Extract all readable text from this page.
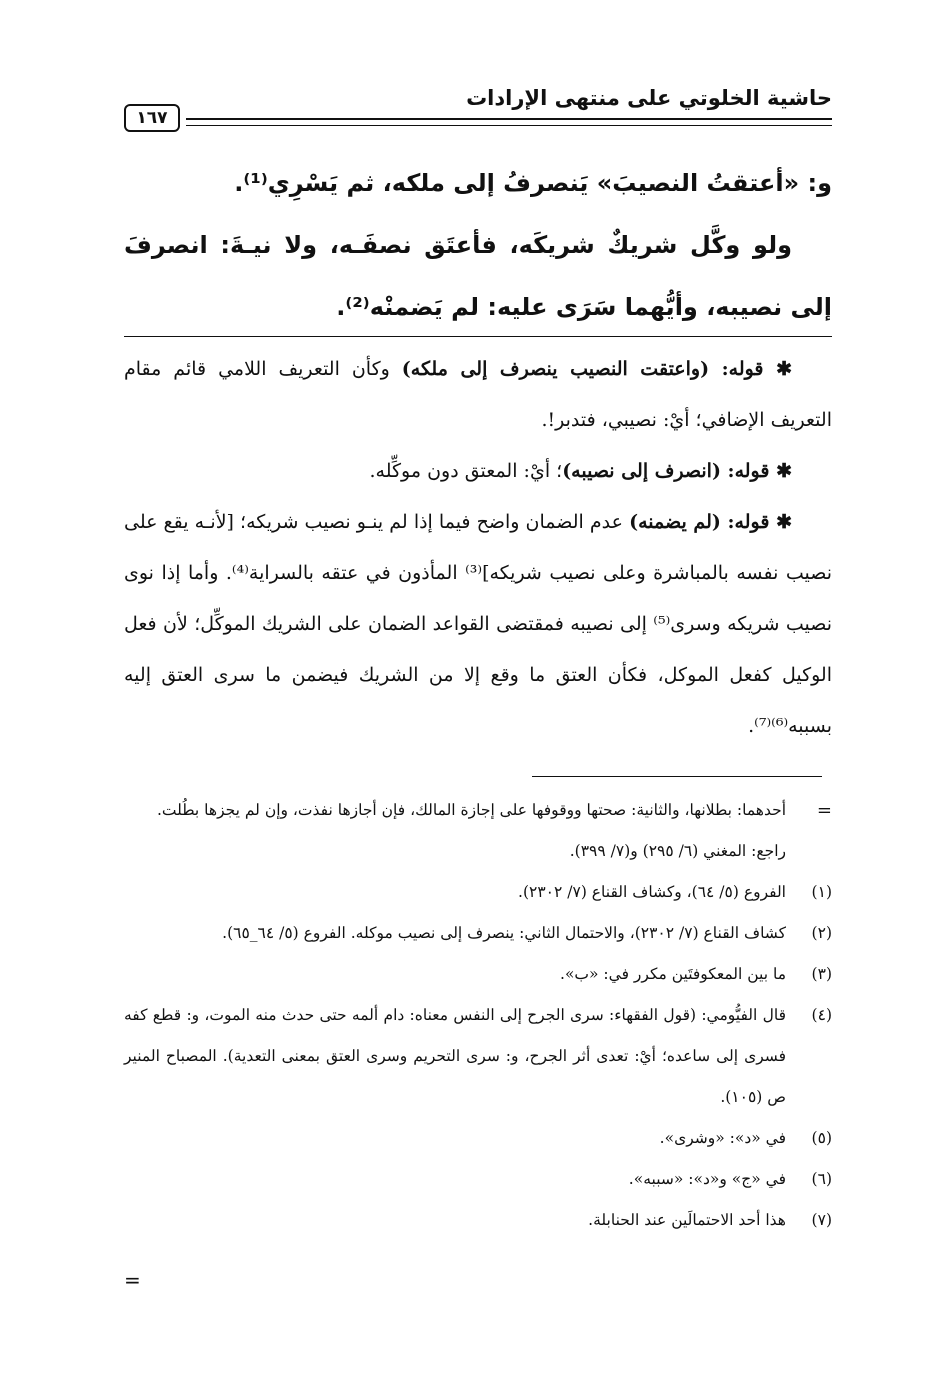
حاشية الخلوتي على منتهى الإرادات
١٦٧

و: «أعتقتُ النصيبَ» يَنصرفُ إلى ملكه، ثم يَسْرِي⁽¹⁾.

ولو وكَّل شريكٌ شريكَه، فأعتَق نصفَـه، ولا نيـةَ: انصرفَ إلى نصيبه، وأيُّهما سَرَى عليه: لم يَضمنْه⁽²⁾.

✱ قوله: (واعتقت النصيب ينصرف إلى ملكه) وكأن التعريف اللامي قائم مقام التعريف الإضافي؛ أيْ: نصيبي، فتدبر!.

✱ قوله: (انصرف إلى نصيبه)؛ أيْ: المعتق دون موكِّله.

✱ قوله: (لم يضمنه) عدم الضمان واضح فيما إذا لم ينـو نصيب شريكه؛ [لأنـه يقع على نصيب نفسه بالمباشرة وعلى نصيب شريكه]⁽³⁾ المأذون في عتقه بالسراية⁽⁴⁾. وأما إذا نوى نصيب شريكه وسرى⁽⁵⁾ إلى نصيبه فمقتضى القواعد الضمان على الشريك الموكِّل؛ لأن فعل الوكيل كفعل الموكل، فكأن العتق ما وقع إلا من الشريك فيضمن ما سرى العتق إليه بسببه⁽⁶⁾⁽⁷⁾.

=
أحدهما: بطلانها، والثانية: صحتها ووقوفها على إجازة المالك، فإن أجازها نفذت، وإن لم يجزها بطُلت.
راجع: المغني (٦/ ٢٩٥) و(٧/ ٣٩٩).
(١)
الفروع (٥/ ٦٤)، وكشاف القناع (٧/ ٢٣٠٢).
(٢)
كشاف القناع (٧/ ٢٣٠٢)، والاحتمال الثاني: ينصرف إلى نصيب موكله. الفروع (٥/ ٦٤_٦٥).
(٣)
ما بين المعكوفتَين مكرر في: «ب».
(٤)
قال الفيُّومي: (قول الفقهاء: سرى الجرح إلى النفس معناه: دام ألمه حتى حدث منه الموت، و: قطع كفه فسرى إلى ساعده؛ أيْ: تعدى أثر الجرح، و: سرى التحريم وسرى العتق بمعنى التعدية). المصباح المنير ص (١٠٥).
(٥)
في «د»: «وشرى».
(٦)
في «ج» و«د»: «سببه».
(٧)
هذا أحد الاحتمالَين عند الحنابلة.
=
